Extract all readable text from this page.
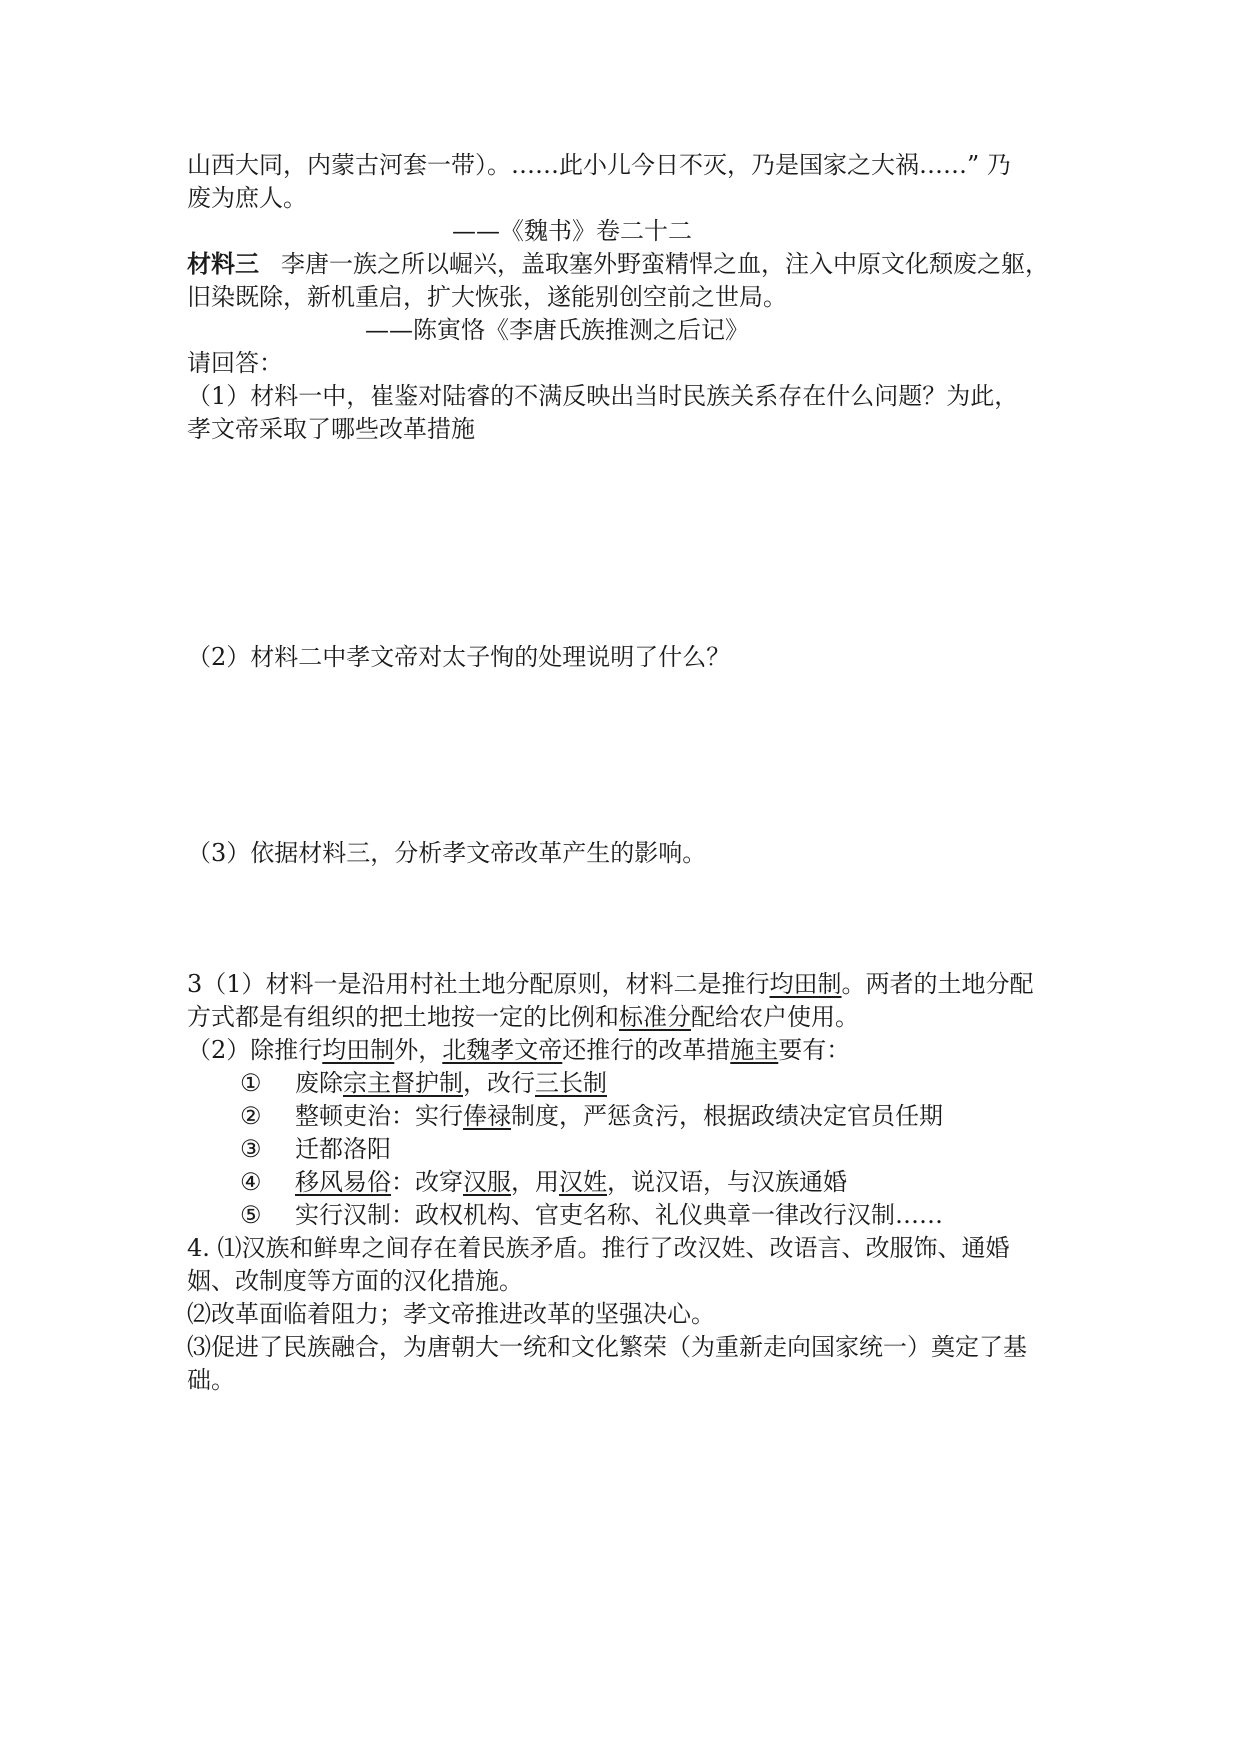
山西大同，内蒙古河套一带）。……此小儿今日不灭，乃是国家之大祸……” 乃
废为庶人。
——《魏书》卷二十二
材料三 李唐一族之所以崛兴，盖取塞外野蛮精悍之血，注入中原文化颓废之躯，
旧染既除，新机重启，扩大恢张，遂能别创空前之世局。
——陈寅恪《李唐氏族推测之后记》
请回答：
（1）材料一中，崔鉴对陆睿的不满反映出当时民族关系存在什么问题？为此，
孝文帝采取了哪些改革措施
（2）材料二中孝文帝对太子恂的处理说明了什么？
（3）依据材料三，分析孝文帝改革产生的影响。
3（1）材料一是沿用村社土地分配原则，材料二是推行均田制。两者的土地分配
方式都是有组织的把土地按一定的比例和标准分配给农户使用。
（2）除推行均田制外，北魏孝文帝还推行的改革措施主要有：
① 废除宗主督护制，改行三长制
② 整顿吏治：实行俸禄制度，严惩贪污，根据政绩决定官员任期
③ 迁都洛阳
④ 移风易俗：改穿汉服，用汉姓，说汉语，与汉族通婚
⑤ 实行汉制：政权机构、官吏名称、礼仪典章一律改行汉制……
4. ⑴汉族和鲜卑之间存在着民族矛盾。推行了改汉姓、改语言、改服饰、通婚
姻、改制度等方面的汉化措施。
⑵改革面临着阻力；孝文帝推进改革的坚强决心。
⑶促进了民族融合，为唐朝大一统和文化繁荣（为重新走向国家统一）奠定了基
础。
